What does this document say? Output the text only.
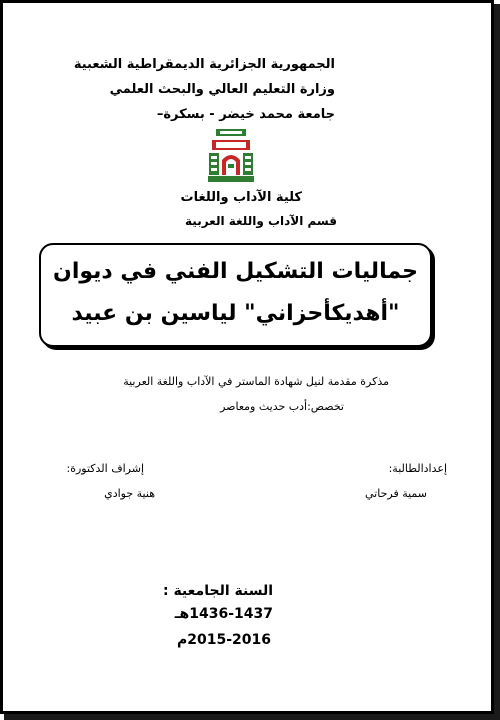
الجمهورية الجزائرية الديمقراطية الشعبية
وزارة التعليم العالي والبحث العلمي
جامعة محمد خيضر - بسكرة–
كلية الآداب واللغات
قسم الآداب واللغة العربية
جماليات التشكيل الفني في ديوان
"أهديكأحزاني" لياسين بن عبيد
مذكرة مقدمة لنيل شهادة الماستر في الآداب واللغة العربية
تخصص:أدب حديث ومعاصر
إعدادالطالبة:
سمية فرحاتي
إشراف الدكتورة:
هنية جوادي
السنة الجامعية :
1436-1437هـ
2015-2016م
